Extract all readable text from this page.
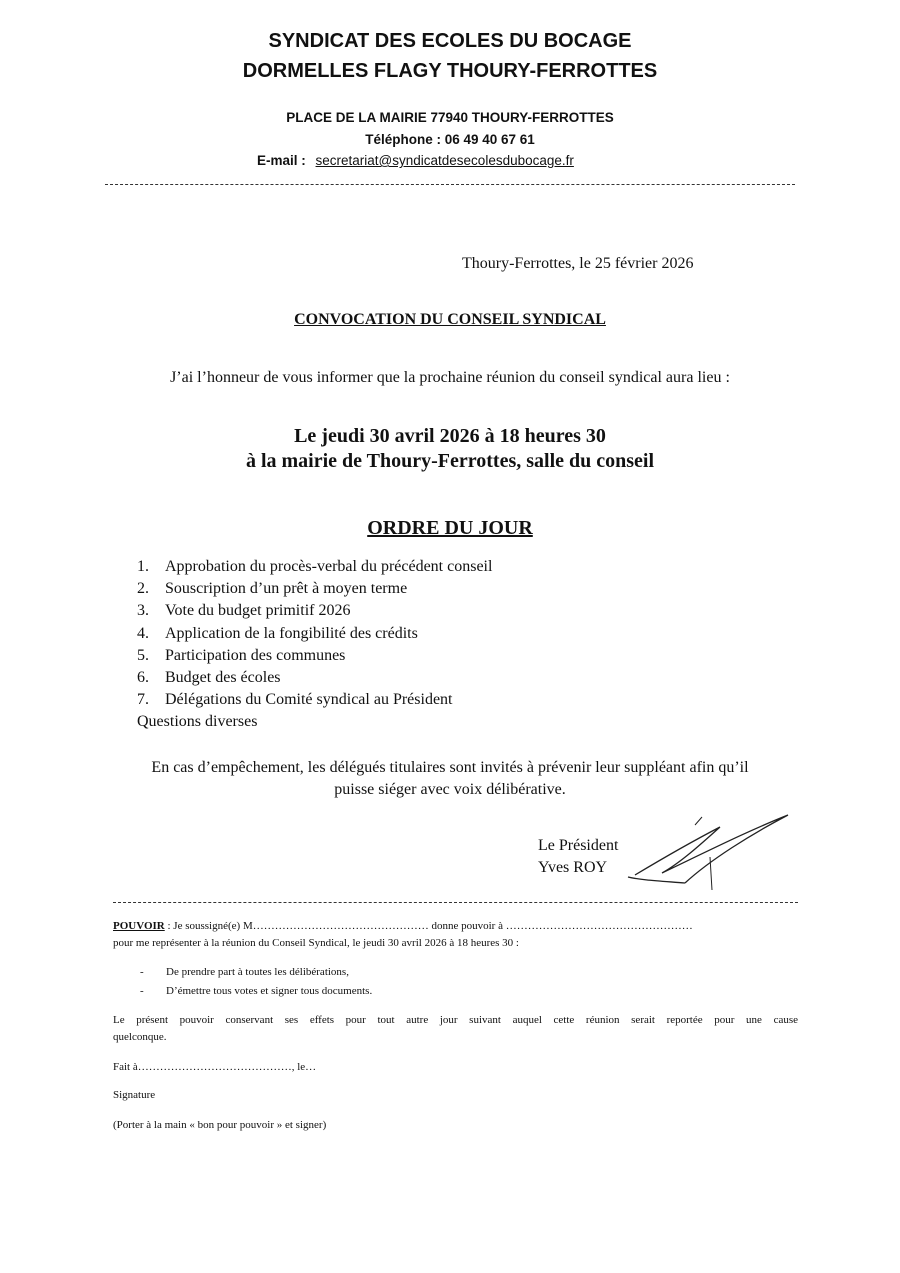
SYNDICAT DES ECOLES DU BOCAGE
DORMELLES FLAGY THOURY-FERROTTES
PLACE DE LA MAIRIE 77940 THOURY-FERROTTES
Téléphone : 06 49 40 67 61
E-mail : secretariat@syndicatdesecolesdubocage.fr
Thoury-Ferrottes, le 25 février 2026
CONVOCATION DU CONSEIL SYNDICAL
J’ai l’honneur de vous informer que la prochaine réunion du conseil syndical aura lieu :
Le jeudi 30 avril 2026 à 18 heures 30
à la mairie de Thoury-Ferrottes, salle du conseil
ORDRE DU JOUR
1. Approbation du procès-verbal du précédent conseil
2. Souscription d’un prêt à moyen terme
3. Vote du budget primitif 2026
4. Application de la fongibilité des crédits
5. Participation des communes
6. Budget des écoles
7. Délégations du Comité syndical au Président
Questions diverses
En cas d’empêchement, les délégués titulaires sont invités à prévenir leur suppléant afin qu’il
puisse siéger avec voix délibérative.
Le Président
Yves ROY
POUVOIR : Je soussigné(e) M………………………………………… donne pouvoir à ……………………………………………
pour me représenter à la réunion du Conseil Syndical, le jeudi 30 avril 2026 à 18 heures 30 :
- De prendre part à toutes les délibérations,
- D’émettre tous votes et signer tous documents.
Le présent pouvoir conservant ses effets pour tout autre jour suivant auquel cette réunion serait reportée pour une cause
quelconque.
Fait à……………………………………, le…
Signature
(Porter à la main « bon pour pouvoir » et signer)
